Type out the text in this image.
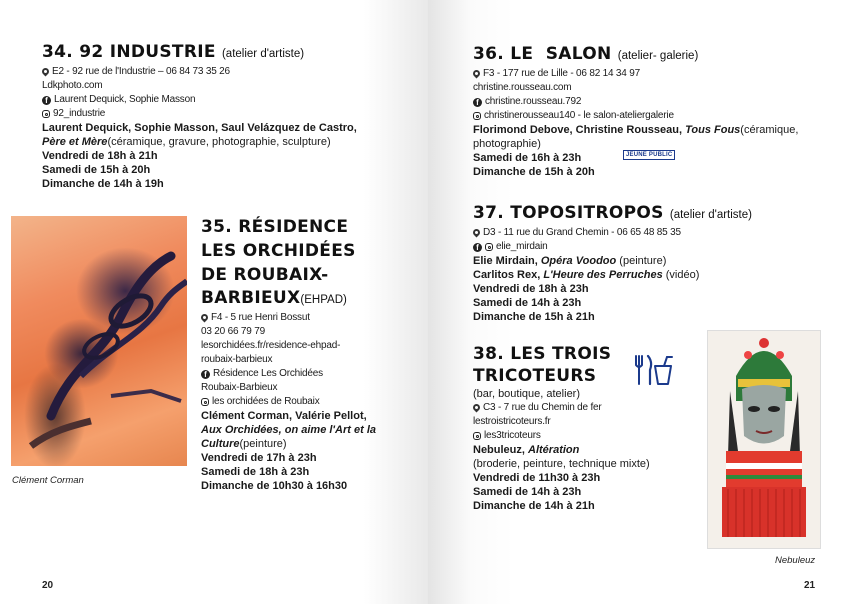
34. 92 INDUSTRIE (atelier d'artiste)
E2 - 92 rue de l'Industrie – 06 84 73 35 26
Ldkphoto.com
f Laurent Dequick, Sophie Masson
92_industrie
Laurent Dequick, Sophie Masson, Saul Velázquez de Castro,
Père et Mère (céramique, gravure, photographie, sculpture)
Vendredi de 18h à 21h
Samedi de 15h à 20h
Dimanche de 14h à 19h
Clément Corman
35. RÉSIDENCE
LES ORCHIDÉES
DE ROUBAIX-
BARBIEUX(EHPAD)
F4 - 5 rue Henri Bossut
03 20 66 79 79
lesorchidées.fr/residence-ehpad-
roubaix-barbieux
f Résidence Les Orchidées
Roubaix-Barbieux
les orchidées de Roubaix
Clément Corman, Valérie Pellot,
Aux Orchidées, on aime l'Art et la
Culture (peinture)
Vendredi de 17h à 23h
Samedi de 18h à 23h
Dimanche de 10h30 à 16h30
20
36. LE  SALON (atelier- galerie)
F3 - 177 rue de Lille - 06 82 14 34 97
christine.rousseau.com
f christine.rousseau.792
christinerousseau140 - le salon-ateliergalerie
Florimond Debove, Christine Rousseau, Tous Fous (céramique,
photographie)
Samedi de 16h à 23h
Dimanche de 15h à 20h
JEUNE PUBLIC
37. TOPOSITROPOS (atelier d'artiste)
D3 - 11 rue du Grand Chemin - 06 65 48 85 35
f	elie_mirdain
Elie Mirdain, Opéra Voodoo (peinture)
Carlitos Rex, L'Heure des Perruches (vidéo)
Vendredi de 18h à 23h
Samedi de 14h à 23h
Dimanche de 15h à 21h
38. LES TROIS
TRICOTEURS
(bar, boutique, atelier)
C3 - 7 rue du Chemin de fer
lestroistricoteurs.fr
les3tricoteurs
Nebuleuz, Altération
(broderie, peinture, technique mixte)
Vendredi de 11h30 à 23h
Samedi de 14h à 23h
Dimanche de 14h à 21h
Nebuleuz
21
